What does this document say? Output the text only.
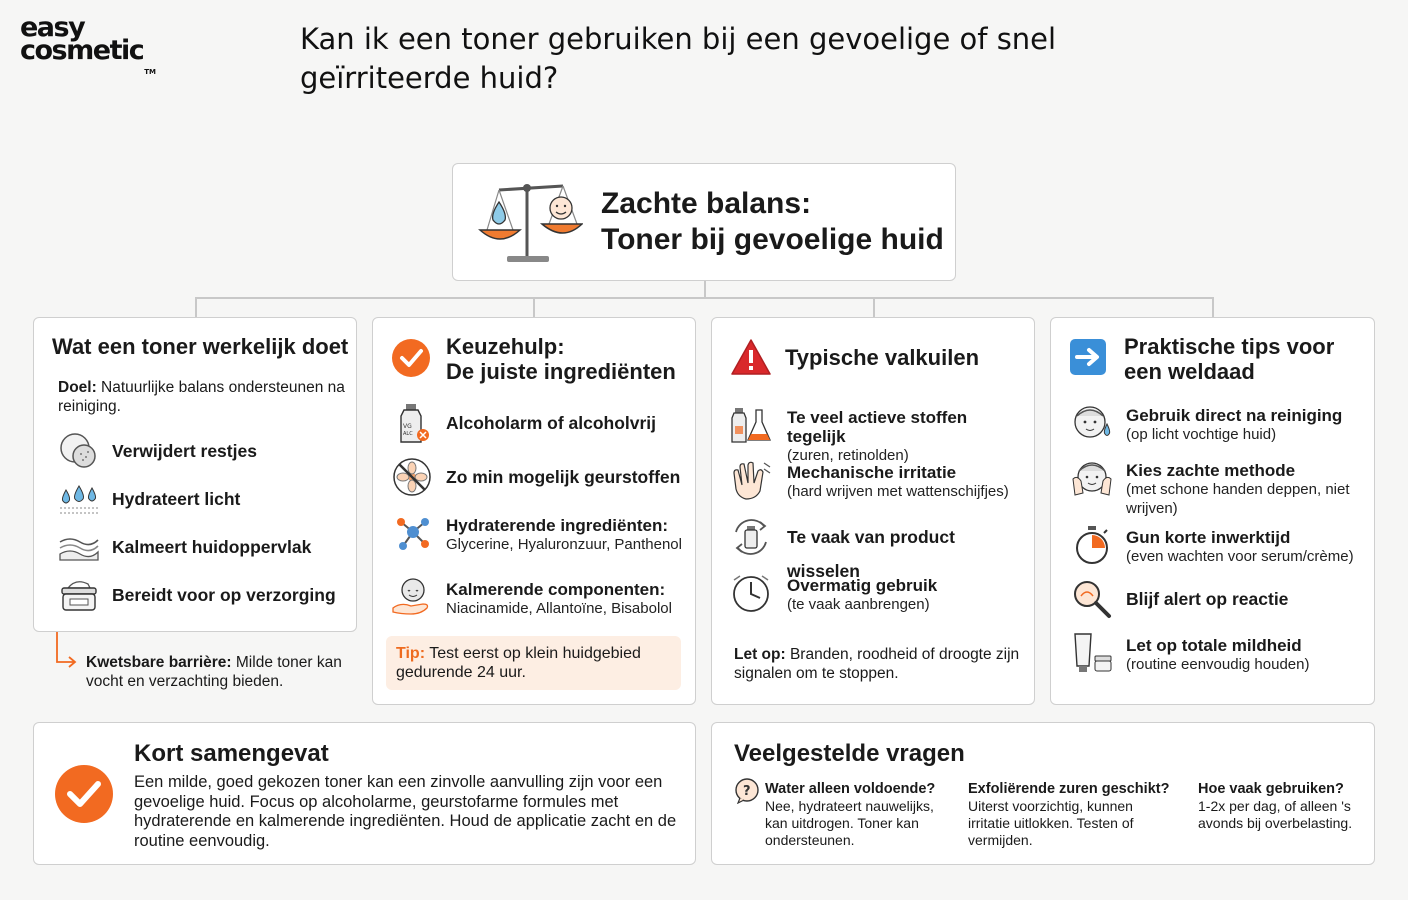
easy
cosmetic™
Kan ik een toner gebruiken bij een gevoelige of snel geïrriteerde huid?
Zachte balans:
Toner bij gevoelige huid
Wat een toner werkelijk doet
Doel: Natuurlijke balans ondersteunen na reiniging.
Verwijdert restjes
Hydrateert licht
Kalmeert huidoppervlak
Bereidt voor op verzorging
Kwetsbare barrière: Milde toner kan vocht en verzachting bieden.
Keuzehulp:
De juiste ingrediënten
VG
ALC
Alcoholarm of alcoholvrij
Zo min mogelijk geurstoffen
Hydraterende ingrediënten:
Glycerine, Hyaluronzuur, Panthenol
Kalmerende componenten:
Niacinamide, Allantoïne, Bisabolol
Tip: Test eerst op klein huidgebied gedurende 24 uur.
Typische valkuilen
Te veel actieve stoffen tegelijk
(zuren, retinolden)
Mechanische irritatie
(hard wrijven met wattenschijfjes)
Te vaak van product wisselen
Overmatig gebruik
(te vaak aanbrengen)
Let op: Branden, roodheid of droogte zijn signalen om te stoppen.
Praktische tips voor
een weldaad
Gebruik direct na reiniging
(op licht vochtige huid)
Kies zachte methode
(met schone handen deppen, niet wrijven)
Gun korte inwerktijd
(even wachten voor serum/crème)
Blijf alert op reactie
Let op totale mildheid
(routine eenvoudig houden)
Kort samengevat
Een milde, goed gekozen toner kan een zinvolle aanvulling zijn voor een gevoelige huid. Focus op alcoholarme, geurstofarme formules met hydraterende en kalmerende ingrediënten. Houd de applicatie zacht en de routine eenvoudig.
Veelgestelde vragen
? Water alleen voldoende?
Nee, hydrateert nauwelijks, kan uitdrogen. Toner kan ondersteunen.
Exfoliërende zuren geschikt?
Uiterst voorzichtig, kunnen irritatie uitlokken. Testen of vermijden.
Hoe vaak gebruiken?
1-2x per dag, of alleen 's avonds bij overbelasting.
